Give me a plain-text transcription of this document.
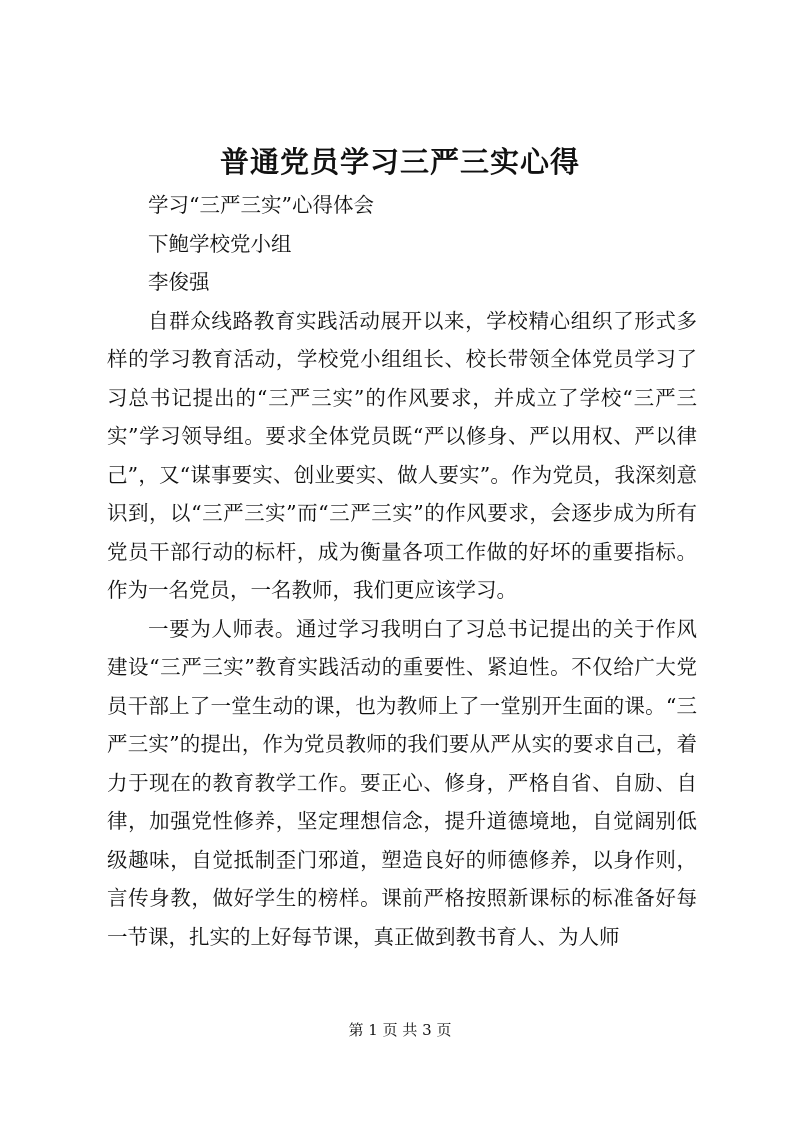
普通党员学习三严三实心得

学习“三严三实”心得体会

下鲍学校党小组

李俊强

自群众线路教育实践活动展开以来，学校精心组织了形式多样的学习教育活动，学校党小组组长、校长带领全体党员学习了习总书记提出的“三严三实”的作风要求，并成立了学校“三严三实”学习领导组。要求全体党员既“严以修身、严以用权、严以律己”，又“谋事要实、创业要实、做人要实”。作为党员，我深刻意识到，以“三严三实”而“三严三实”的作风要求，会逐步成为所有党员干部行动的标杆，成为衡量各项工作做的好坏的重要指标。作为一名党员，一名教师，我们更应该学习。

一要为人师表。通过学习我明白了习总书记提出的关于作风建设“三严三实”教育实践活动的重要性、紧迫性。不仅给广大党员干部上了一堂生动的课，也为教师上了一堂别开生面的课。“三严三实”的提出，作为党员教师的我们要从严从实的要求自己，着力于现在的教育教学工作。要正心、修身，严格自省、自励、自律，加强党性修养，坚定理想信念，提升道德境地，自觉阔别低级趣味，自觉抵制歪门邪道，塑造良好的师德修养，以身作则，言传身教，做好学生的榜样。课前严格按照新课标的标准备好每一节课，扎实的上好每节课，真正做到教书育人、为人师

第 1 页 共 3 页
